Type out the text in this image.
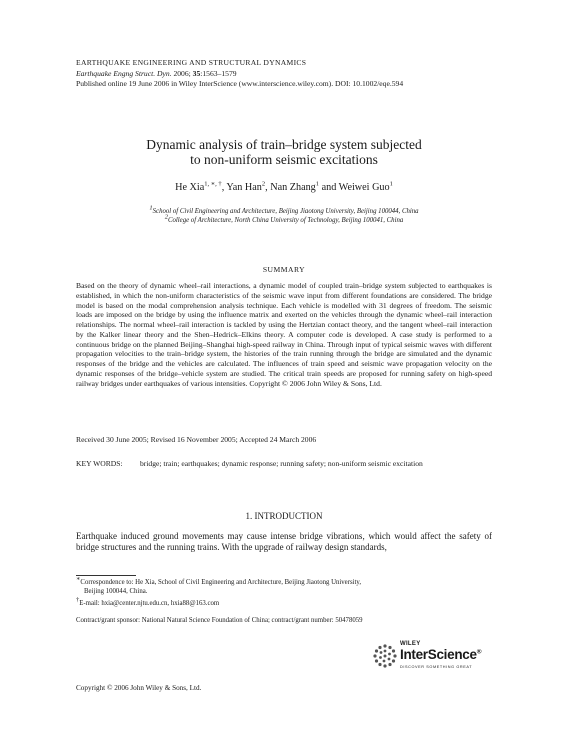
EARTHQUAKE ENGINEERING AND STRUCTURAL DYNAMICS
Earthquake Engng Struct. Dyn. 2006; 35:1563–1579
Published online 19 June 2006 in Wiley InterScience (www.interscience.wiley.com). DOI: 10.1002/eqe.594
Dynamic analysis of train–bridge system subjected
to non-uniform seismic excitations
He Xia$^{1, ∗, \dagger}$, Yan Han$^2$, Nan Zhang$^1$ and Weiwei Guo$^1$
$^1$School of Civil Engineering and Architecture, Beijing Jiaotong University, Beijing 100044, China
$^2$College of Architecture, North China University of Technology, Beijing 100041, China
SUMMARY
Based on the theory of dynamic wheel–rail interactions, a dynamic model of coupled train–bridge system subjected to earthquakes is established, in which the non-uniform characteristics of the seismic wave input from different foundations are considered. The bridge model is based on the modal comprehension analysis technique. Each vehicle is modelled with 31 degrees of freedom. The seismic loads are imposed on the bridge by using the influence matrix and exerted on the vehicles through the dynamic wheel–rail interaction relationships. The normal wheel–rail interaction is tackled by using the Hertzian contact theory, and the tangent wheel–rail interaction by the Kalker linear theory and the Shen–Hedrick–Elkins theory. A computer code is developed. A case study is performed to a continuous bridge on the planned Beijing–Shanghai high-speed railway in China. Through input of typical seismic waves with different propagation velocities to the train–bridge system, the histories of the train running through the bridge are simulated and the dynamic responses of the bridge and the vehicles are calculated. The influences of train speed and seismic wave propagation velocity on the dynamic responses of the bridge–vehicle system are studied. The critical train speeds are proposed for running safety on high-speed railway bridges under earthquakes of various intensities. Copyright © 2006 John Wiley & Sons, Ltd.
Received 30 June 2005; Revised 16 November 2005; Accepted 24 March 2006
KEY WORDS:	bridge; train; earthquakes; dynamic response; running safety; non-uniform seismic excitation
1. INTRODUCTION
Earthquake induced ground movements may cause intense bridge vibrations, which would affect the safety of bridge structures and the running trains. With the upgrade of railway design standards,
∗Correspondence to: He Xia, School of Civil Engineering and Architecture, Beijing Jiaotong University,
Beijing 100044, China.
†E-mail: hxia@center.njtu.edu.cn, hxia88@163.com
Contract/grant sponsor: National Natural Science Foundation of China; contract/grant number: 50478059
Copyright © 2006 John Wiley & Sons, Ltd.
WILEY
InterScience®
DISCOVER SOMETHING GREAT
